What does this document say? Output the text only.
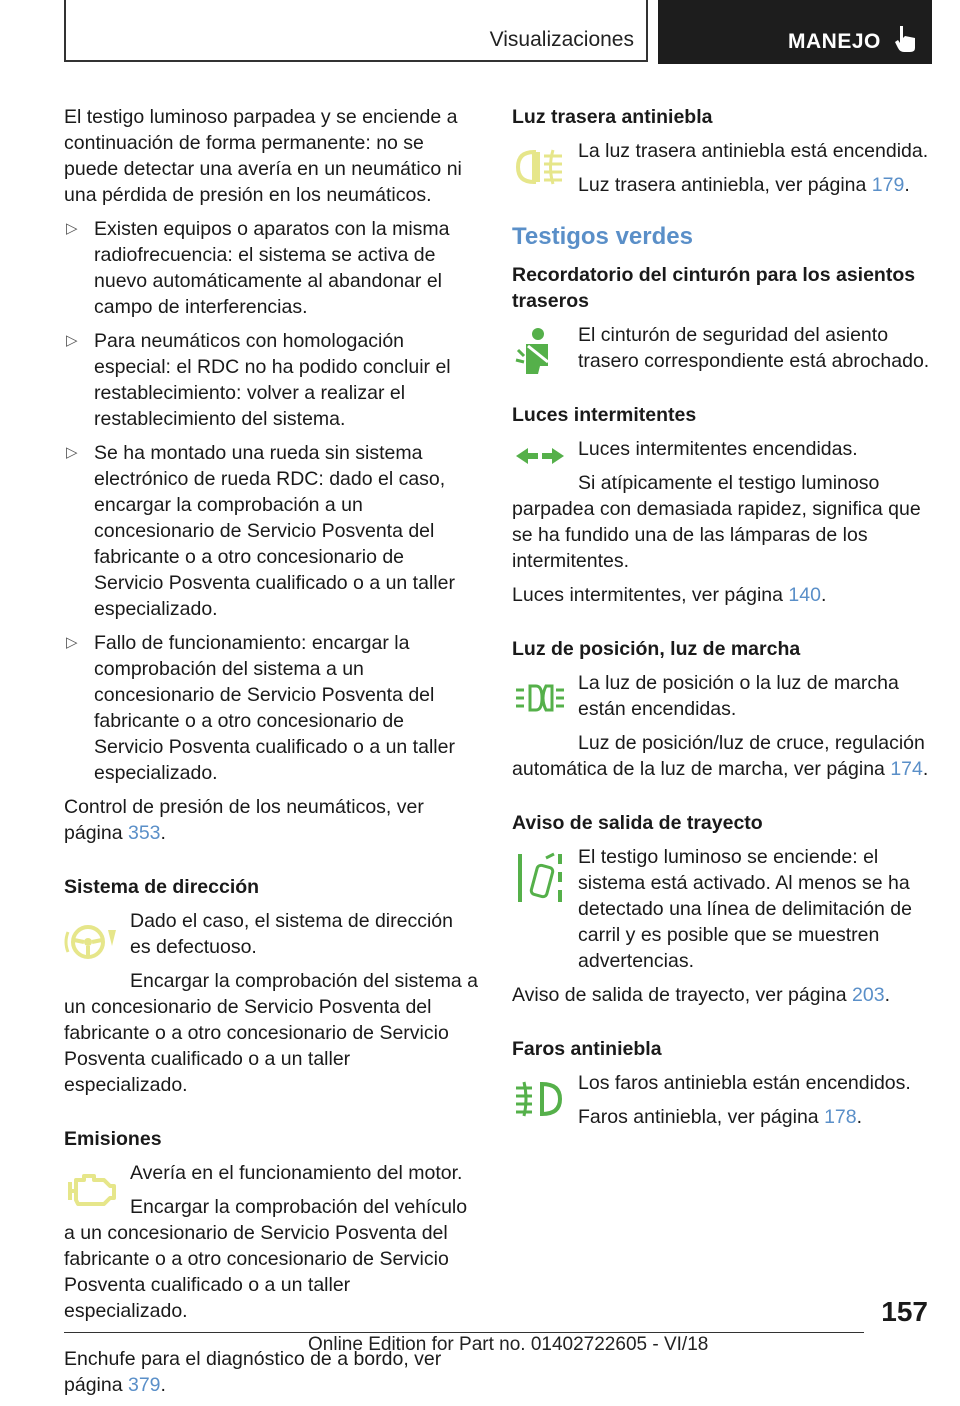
Visualizaciones	MANEJO

El testigo luminoso parpadea y se enciende a continuación de forma permanente: no se puede detectar una avería en un neumático ni una pérdida de presión en los neumáticos.

▷ Existen equipos o aparatos con la misma radiofrecuencia: el sistema se activa de nuevo automáticamente al abandonar el campo de interferencias.
▷ Para neumáticos con homologación especial: el RDC no ha podido concluir el restablecimiento: volver a realizar el restablecimiento del sistema.
▷ Se ha montado una rueda sin sistema electrónico de rueda RDC: dado el caso, encargar la comprobación a un concesionario de Servicio Posventa del fabricante o a otro concesionario de Servicio Posventa cualificado o a un taller especializado.
▷ Fallo de funcionamiento: encargar la comprobación del sistema a un concesionario de Servicio Posventa del fabricante o a otro concesionario de Servicio Posventa cualificado o a un taller especializado.

Control de presión de los neumáticos, ver página 353.

Sistema de dirección

Dado el caso, el sistema de dirección es defectuoso.

Encargar la comprobación del sistema a un concesionario de Servicio Posventa del fabricante o a otro concesionario de Servicio Posventa cualificado o a un taller especializado.

Emisiones

Avería en el funcionamiento del motor.

Encargar la comprobación del vehículo a un concesionario de Servicio Posventa del fabricante o a otro concesionario de Servicio Posventa cualificado o a un taller especializado.

Enchufe para el diagnóstico de a bordo, ver página 379.

Luz trasera antiniebla

La luz trasera antiniebla está encendida.

Luz trasera antiniebla, ver página 179.

Testigos verdes
Recordatorio del cinturón para los asientos traseros

El cinturón de seguridad del asiento trasero correspondiente está abrochado.

Luces intermitentes

Luces intermitentes encendidas.

Si atípicamente el testigo luminoso parpadea con demasiada rapidez, significa que se ha fundido una de las lámparas de los intermitentes.

Luces intermitentes, ver página 140.

Luz de posición, luz de marcha

La luz de posición o la luz de marcha están encendidas.

Luz de posición/luz de cruce, regulación automática de la luz de marcha, ver página 174.

Aviso de salida de trayecto

El testigo luminoso se enciende: el sistema está activado. Al menos se ha detectado una línea de delimitación de carril y es posible que se muestren advertencias.

Aviso de salida de trayecto, ver página 203.

Faros antiniebla

Los faros antiniebla están encendidos.

Faros antiniebla, ver página 178.

157
Online Edition for Part no. 01402722605 - VI/18
